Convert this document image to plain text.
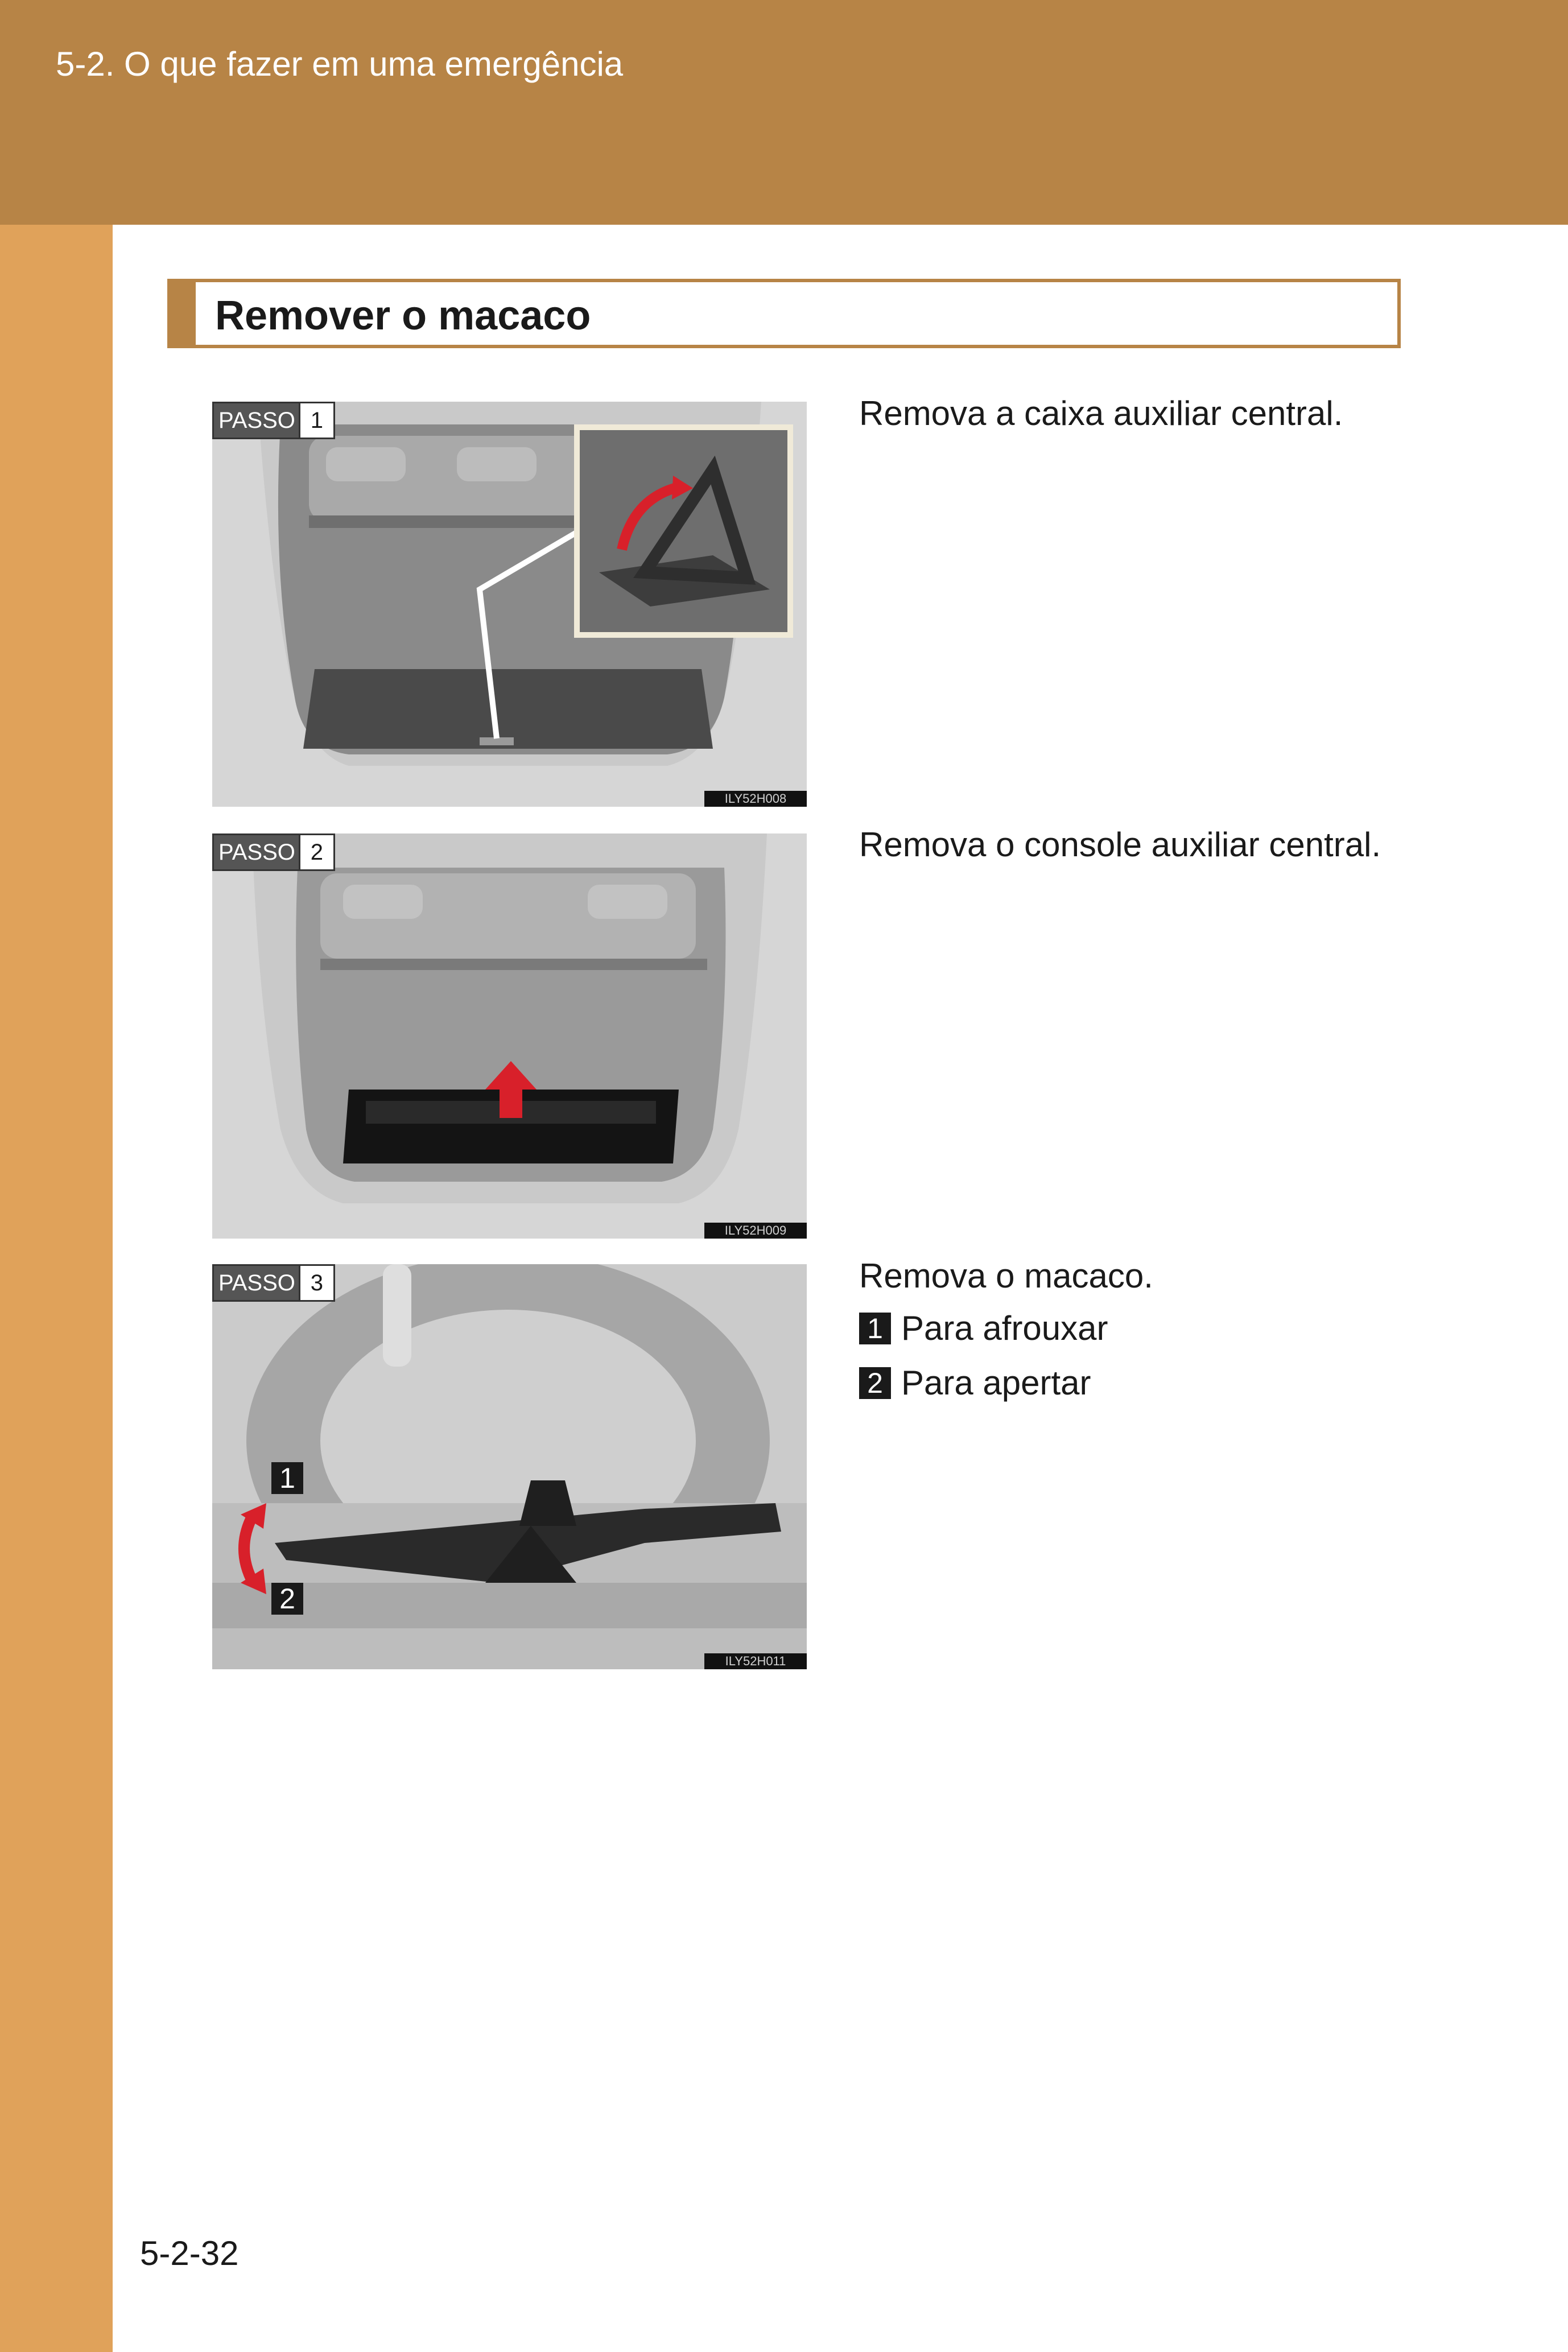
5-2. O que fazer em uma emergência
Remover o macaco
PASSO 1
ILY52H008
Remova a caixa auxiliar central.
PASSO 2
ILY52H009
Remova o console auxiliar central.
PASSO 3
1
2
ILY52H011
Remova o macaco.
1 Para afrouxar
2 Para apertar
5-2-32
